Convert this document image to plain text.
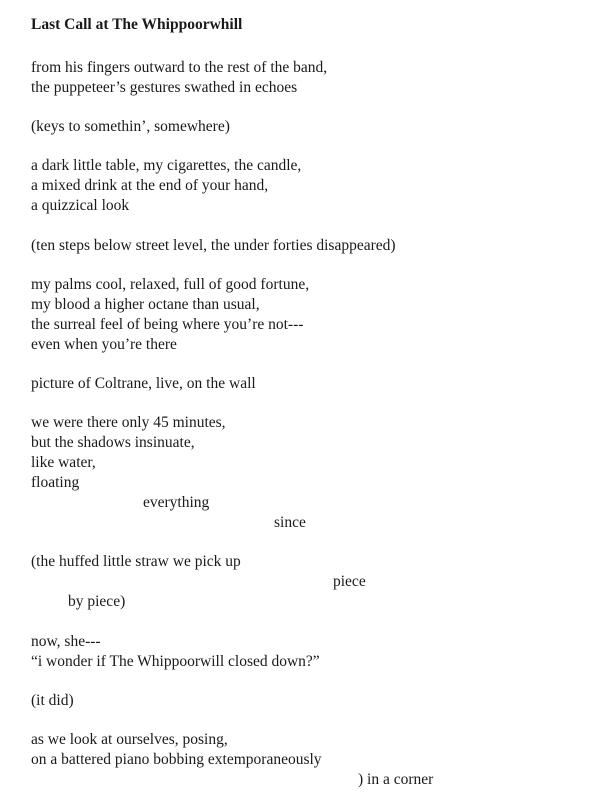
Last Call at The Whippoorwhill
from his fingers outward to the rest of the band,
the puppeteer’s gestures swathed in echoes
(keys to somethin’, somewhere)
a dark little table, my cigarettes, the candle,
a mixed drink at the end of your hand,
a quizzical look
(ten steps below street level, the under forties disappeared)
my palms cool, relaxed, full of good fortune,
my blood a higher octane than usual,
the surreal feel of being where you’re not---
even when you’re there
picture of Coltrane, live, on the wall
we were there only 45 minutes,
but the shadows insinuate,
like water,
floating
everything
since
(the huffed little straw we pick up
piece
by piece)
now, she---
“i wonder if The Whippoorwill closed down?”
(it did)
as we look at ourselves, posing,
on a battered piano bobbing extemporaneously
) in a corner
